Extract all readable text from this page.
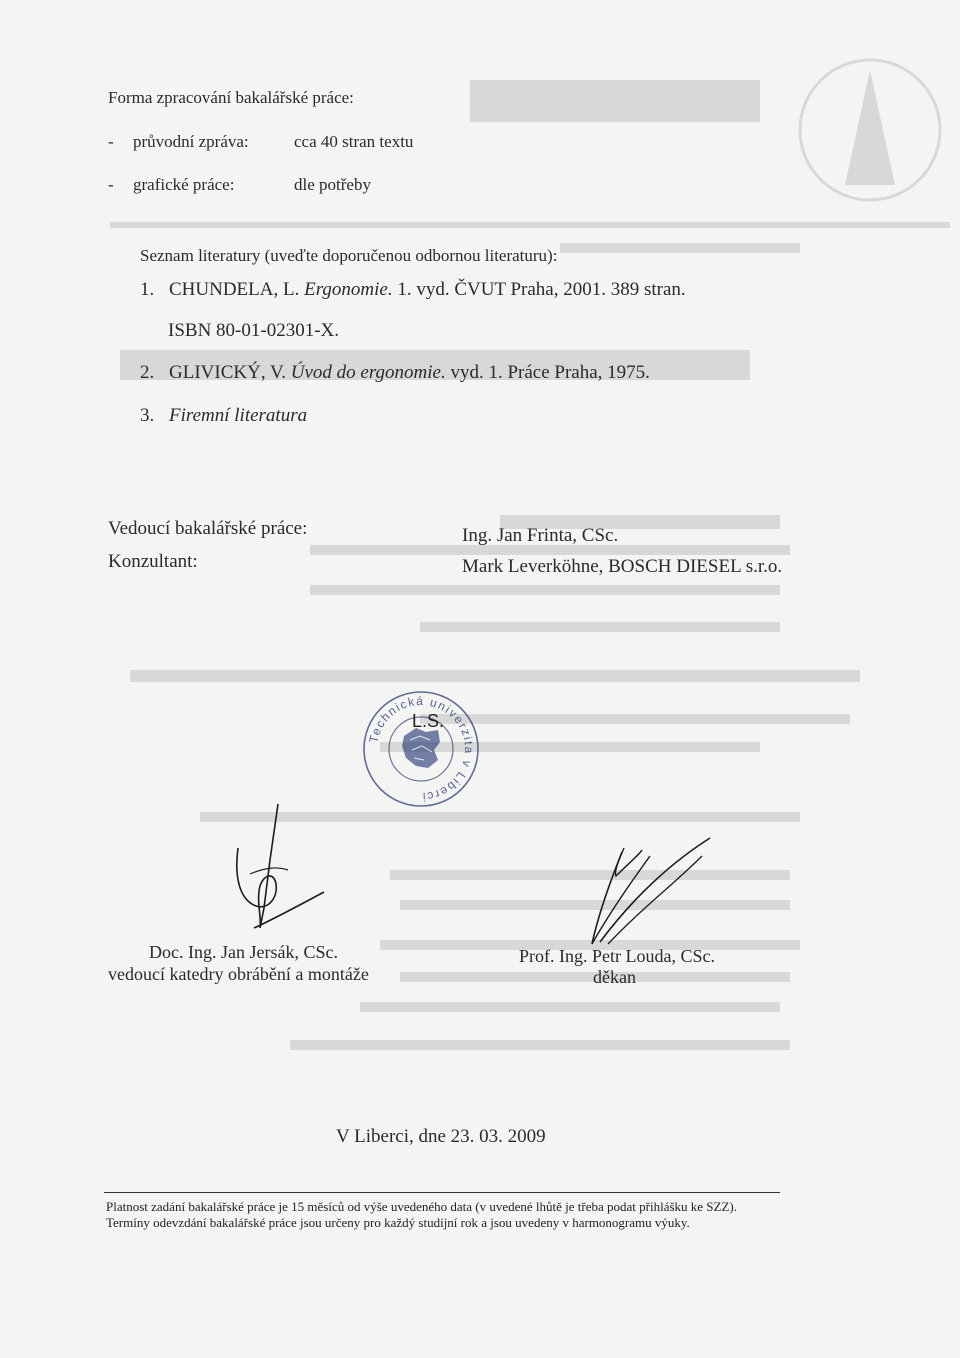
Forma zpracování bakalářské práce:
- průvodní zpráva:	cca 40 stran textu
- grafické práce:	dle potřeby
Seznam literatury (uveďte doporučenou odbornou literaturu):
1. CHUNDELA, L. Ergonomie. 1. vyd. ČVUT Praha, 2001. 389 stran.
ISBN 80-01-02301-X.
2. GLIVICKÝ, V. Úvod do ergonomie. vyd. 1. Práce Praha, 1975.
3. Firemní literatura
Vedoucí bakalářské práce:	Ing. Jan Frinta, CSc.
Konzultant:	Mark Leverköhne, BOSCH DIESEL s.r.o.
Technická univerzita v Liberci
L.S.
Doc. Ing. Jan Jersák, CSc.
vedoucí katedry obrábění a montáže
Prof. Ing. Petr Louda, CSc.
děkan
V Liberci, dne 23. 03. 2009
Platnost zadání bakalářské práce je 15 měsíců od výše uvedeného data (v uvedené lhůtě je třeba podat přihlášku ke SZZ). Termíny odevzdání bakalářské práce jsou určeny pro každý studijní rok a jsou uvedeny v harmonogramu výuky.
